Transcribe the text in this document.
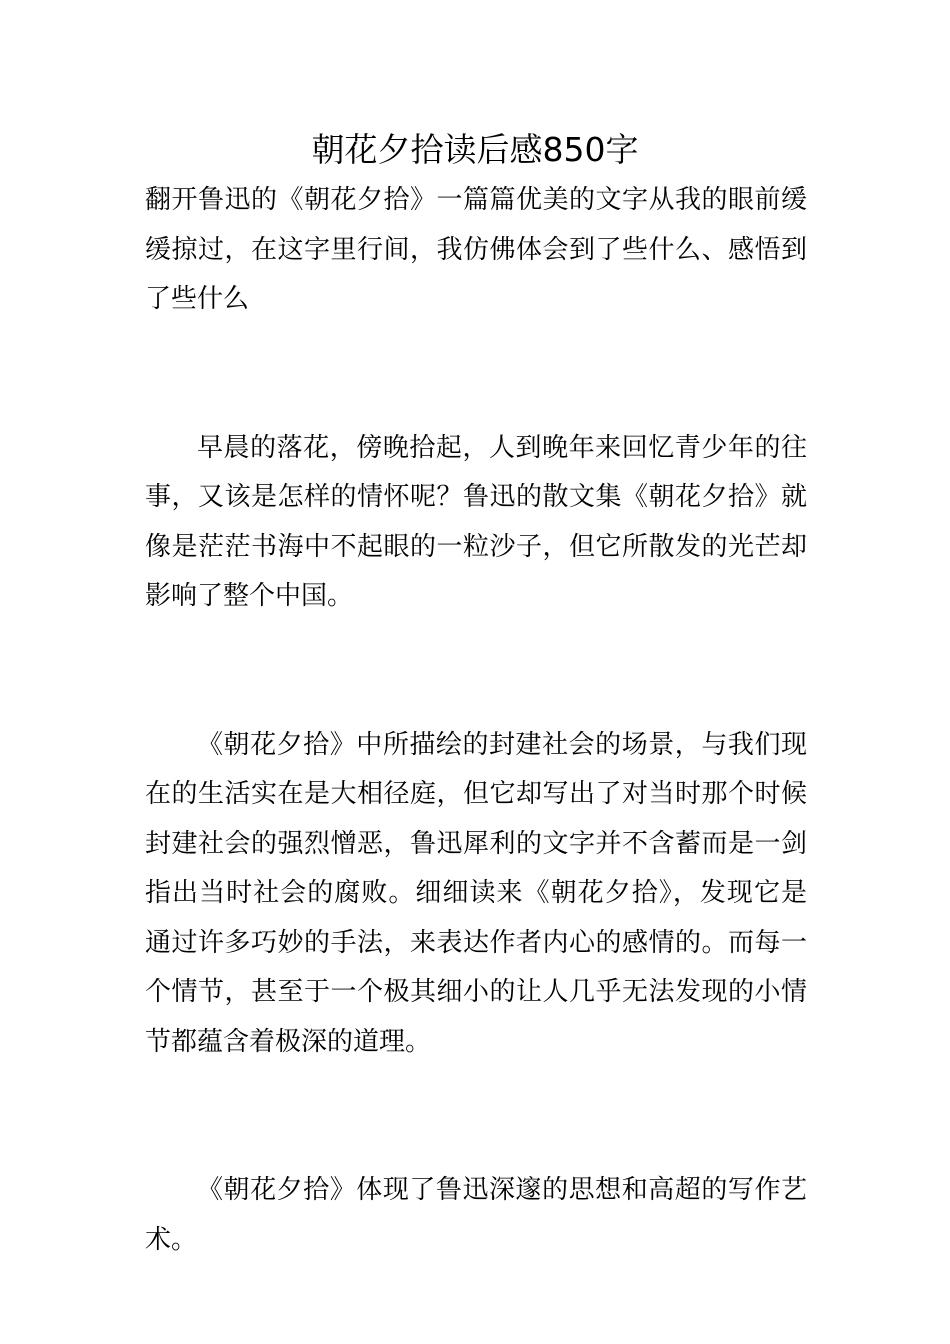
朝花夕拾读后感850字

翻开鲁迅的《朝花夕拾》一篇篇优美的文字从我的眼前缓缓掠过，在这字里行间，我仿佛体会到了些什么、感悟到了些什么

早晨的落花，傍晚拾起，人到晚年来回忆青少年的往事，又该是怎样的情怀呢？鲁迅的散文集《朝花夕拾》就像是茫茫书海中不起眼的一粒沙子，但它所散发的光芒却影响了整个中国。

《朝花夕拾》中所描绘的封建社会的场景，与我们现在的生活实在是大相径庭，但它却写出了对当时那个时候封建社会的强烈憎恶，鲁迅犀利的文字并不含蓄而是一剑指出当时社会的腐败。细细读来《朝花夕拾》，发现它是通过许多巧妙的手法，来表达作者内心的感情的。而每一个情节，甚至于一个极其细小的让人几乎无法发现的小情节都蕴含着极深的道理。

《朝花夕拾》体现了鲁迅深邃的思想和高超的写作艺术。
